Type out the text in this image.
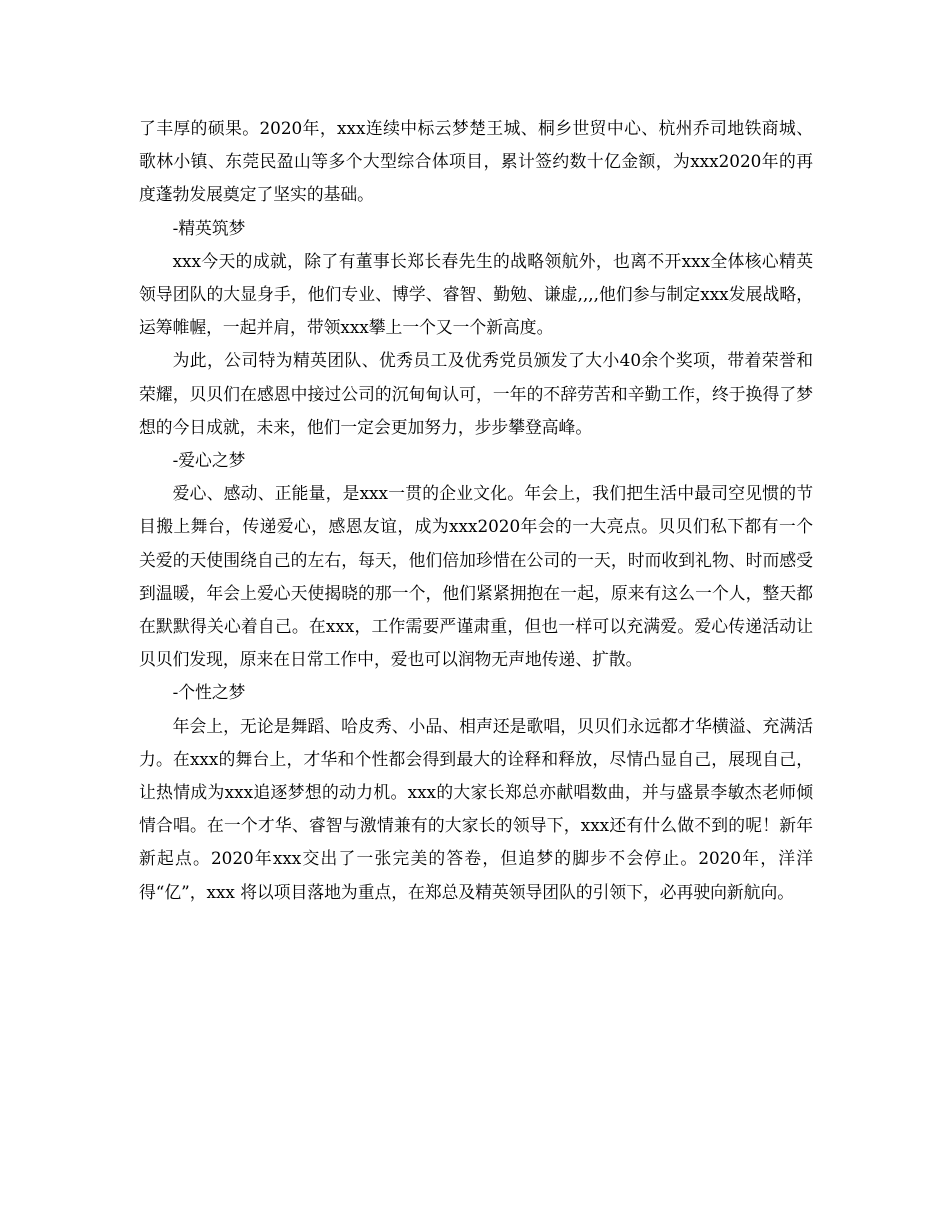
了丰厚的硕果。2020年，xxx连续中标云梦楚王城、桐乡世贸中心、杭州乔司地铁商城、歌林小镇、东莞民盈山等多个大型综合体项目，累计签约数十亿金额，为xxx2020年的再度蓬勃发展奠定了坚实的基础。

-精英筑梦

xxx今天的成就，除了有董事长郑长春先生的战略领航外，也离不开xxx全体核心精英领导团队的大显身手，他们专业、博学、睿智、勤勉、谦虚,,,,他们参与制定xxx发展战略，运筹帷幄，一起并肩，带领xxx攀上一个又一个新高度。

为此，公司特为精英团队、优秀员工及优秀党员颁发了大小40余个奖项，带着荣誉和荣耀，贝贝们在感恩中接过公司的沉甸甸认可，一年的不辞劳苦和辛勤工作，终于换得了梦想的今日成就，未来，他们一定会更加努力，步步攀登高峰。

-爱心之梦

爱心、感动、正能量，是xxx一贯的企业文化。年会上，我们把生活中最司空见惯的节目搬上舞台，传递爱心，感恩友谊，成为xxx2020年会的一大亮点。贝贝们私下都有一个关爱的天使围绕自己的左右，每天，他们倍加珍惜在公司的一天，时而收到礼物、时而感受到温暖，年会上爱心天使揭晓的那一个，他们紧紧拥抱在一起，原来有这么一个人，整天都在默默得关心着自己。在xxx，工作需要严谨肃重，但也一样可以充满爱。爱心传递活动让贝贝们发现，原来在日常工作中，爱也可以润物无声地传递、扩散。

-个性之梦

年会上，无论是舞蹈、哈皮秀、小品、相声还是歌唱，贝贝们永远都才华横溢、充满活力。在xxx的舞台上，才华和个性都会得到最大的诠释和释放，尽情凸显自己，展现自己，让热情成为xxx追逐梦想的动力机。xxx的大家长郑总亦献唱数曲，并与盛景李敏杰老师倾情合唱。在一个才华、睿智与激情兼有的大家长的领导下，xxx还有什么做不到的呢！新年新起点。2020年xxx交出了一张完美的答卷，但追梦的脚步不会停止。2020年，洋洋得“亿”，xxx 将以项目落地为重点，在郑总及精英领导团队的引领下，必再驶向新航向。
